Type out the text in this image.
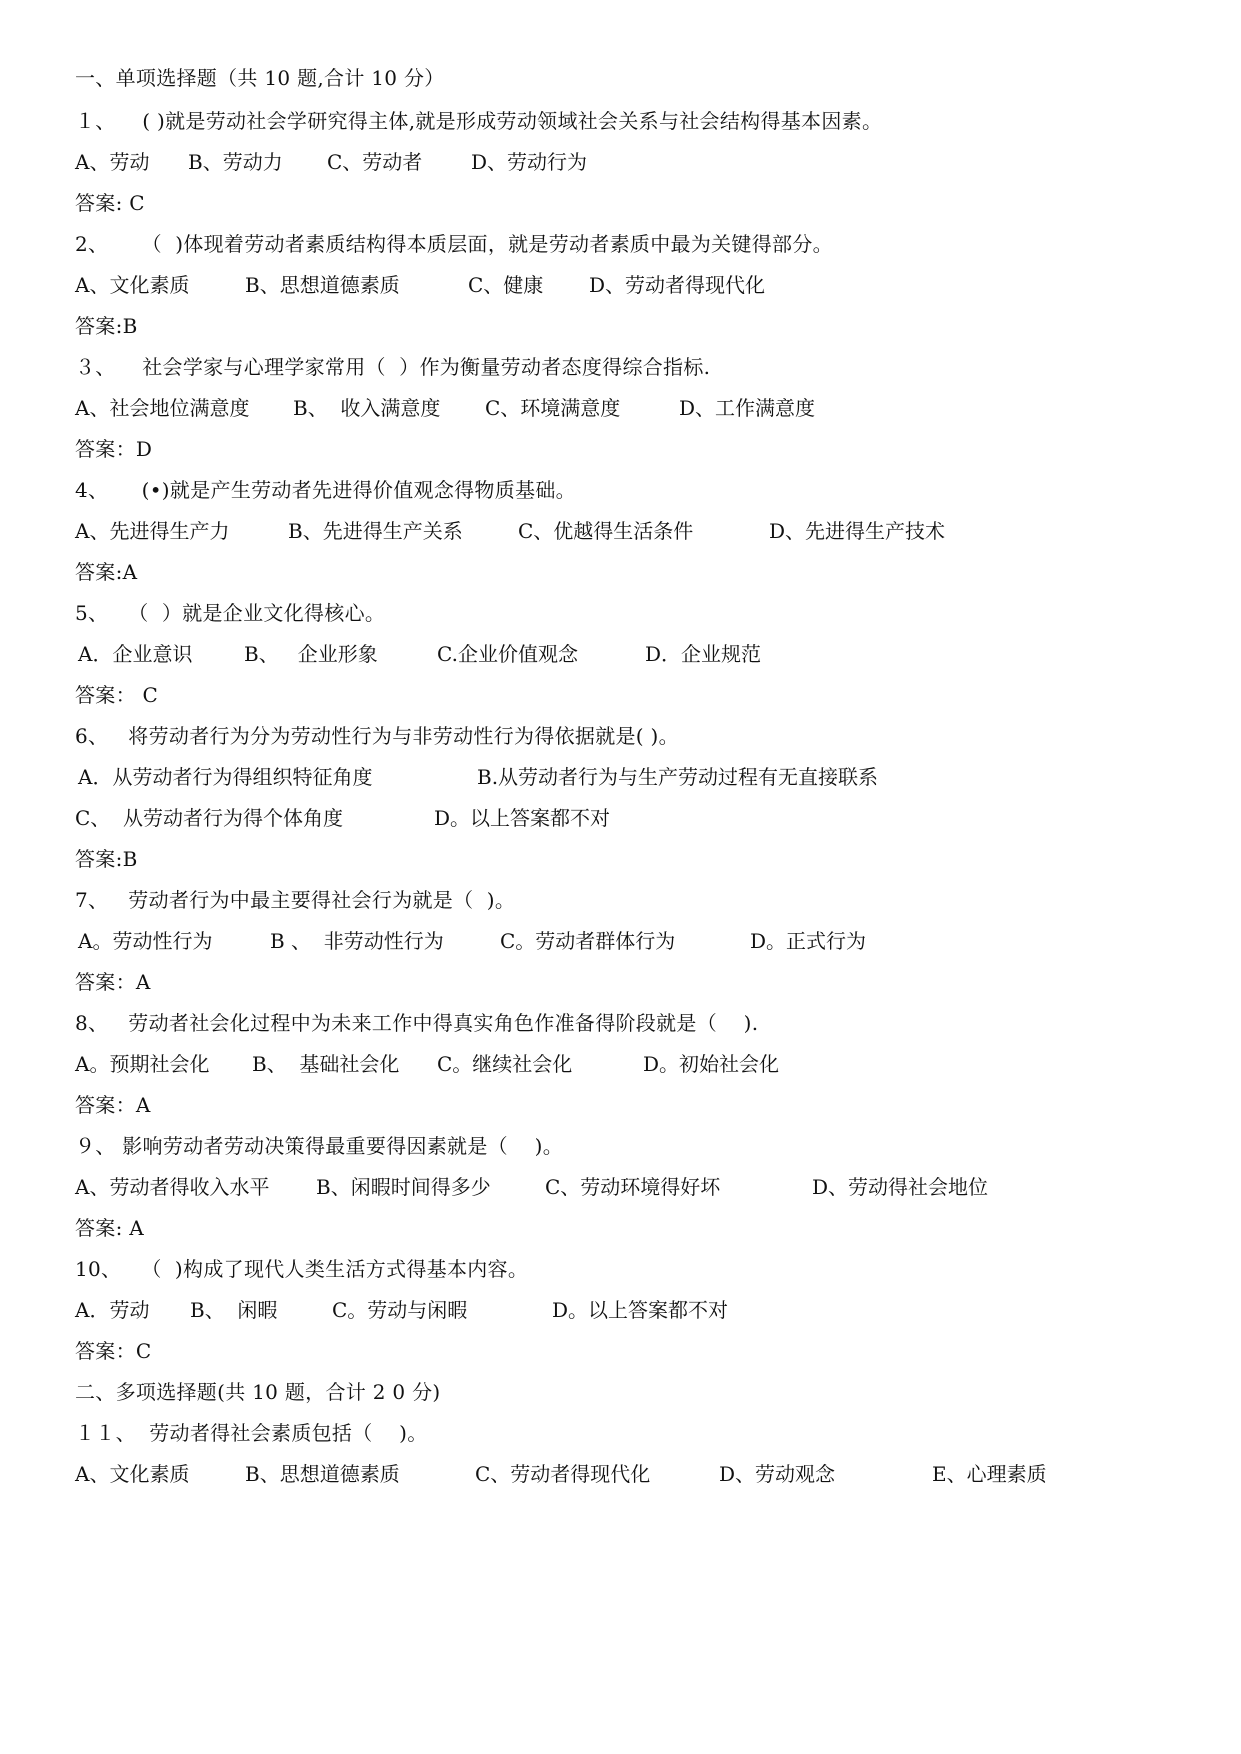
一、单项选择题（共 10 题,合计 10 分）
１、    ( )就是劳动社会学研究得主体,就是形成劳动领域社会关系与社会结构得基本因素。
A、劳动 B、劳动力 C、劳动者 D、劳动行为
答案: C
2、     （  )体现着劳动者素质结构得本质层面，就是劳动者素质中最为关键得部分。
A、文化素质	B、思想道德素质	C、健康 D、劳动者得现代化
答案:B
３、    社会学家与心理学家常用（  ）作为衡量劳动者态度得综合指标.
A、社会地位满意度 B、  收入满意度 C、环境满意度	D、工作满意度
答案：D
4、     (•)就是产生劳动者先进得价值观念得物质基础。
A、先进得生产力	B、先进得生产关系	C、优越得生活条件	D、先进得生产技术
答案:A
5、   （  ）就是企业文化得核心。
A．企业意识	B、   企业形象	C.企业价值观念	D．企业规范
答案： C
6、   将劳动者行为分为劳动性行为与非劳动性行为得依据就是( )。
A．从劳动者行为得组织特征角度	B.从劳动者行为与生产劳动过程有无直接联系
C、  从劳动者行为得个体角度	D。以上答案都不对
答案:B
7、   劳动者行为中最主要得社会行为就是（  )。
A。劳动性行为	B 、  非劳动性行为	C。劳动者群体行为	D。正式行为
答案：A
8、   劳动者社会化过程中为未来工作中得真实角色作准备得阶段就是（    ).
A。预期社会化 B、  基础社会化 C。继续社会化	D。初始社会化
答案：A
９、 影响劳动者劳动决策得最重要得因素就是（    )。
A、劳动者得收入水平 B、闲暇时间得多少	C、劳动环境得好坏	D、劳动得社会地位
答案: A
10、   （  )构成了现代人类生活方式得基本内容。
A．劳动 B、  闲暇	C。劳动与闲暇	D。以上答案都不对
答案：C
二、多项选择题(共 10 题，合计 2 0 分)
１１、  劳动者得社会素质包括（    )。
A、文化素质	B、思想道德素质	C、劳动者得现代化	D、劳动观念	E、心理素质
